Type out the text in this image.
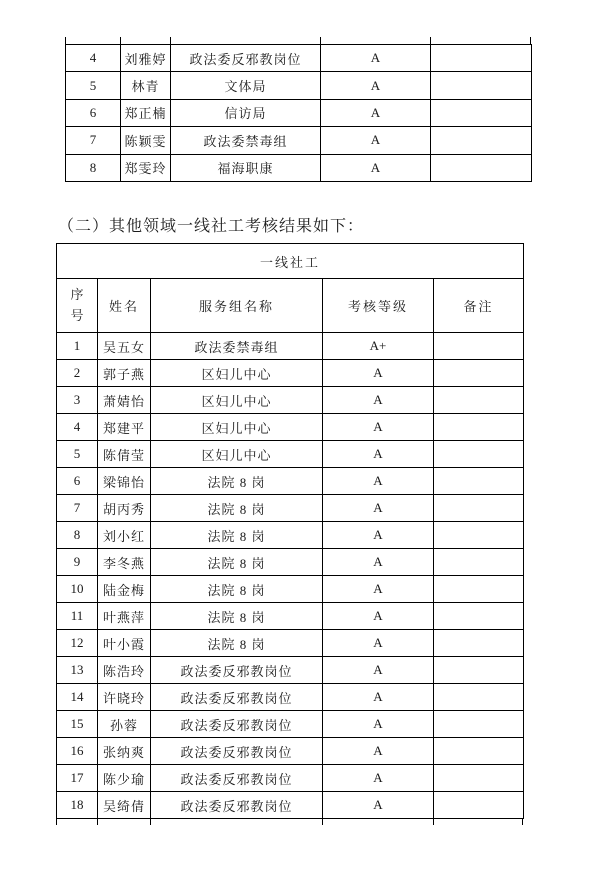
4	刘雅婷	政法委反邪教岗位	A	
5	林青	文体局	A	
6	郑正楠	信访局	A	
7	陈颖雯	政法委禁毒组	A	
8	郑雯玲	福海职康	A	
（二）其他领域一线社工考核结果如下：
一线社工				
序号	姓名	服务组名称	考核等级	备注
1	吴五女	政法委禁毒组	A+	
2	郭子燕	区妇儿中心	A	
3	萧婧怡	区妇儿中心	A	
4	郑建平	区妇儿中心	A	
5	陈倩莹	区妇儿中心	A	
6	梁锦怡	法院 8 岗	A	
7	胡丙秀	法院 8 岗	A	
8	刘小红	法院 8 岗	A	
9	李冬燕	法院 8 岗	A	
10	陆金梅	法院 8 岗	A	
11	叶燕萍	法院 8 岗	A	
12	叶小霞	法院 8 岗	A	
13	陈浩玲	政法委反邪教岗位	A	
14	许晓玲	政法委反邪教岗位	A	
15	孙蓉	政法委反邪教岗位	A	
16	张纳爽	政法委反邪教岗位	A	
17	陈少瑜	政法委反邪教岗位	A	
18	吴绮倩	政法委反邪教岗位	A	
